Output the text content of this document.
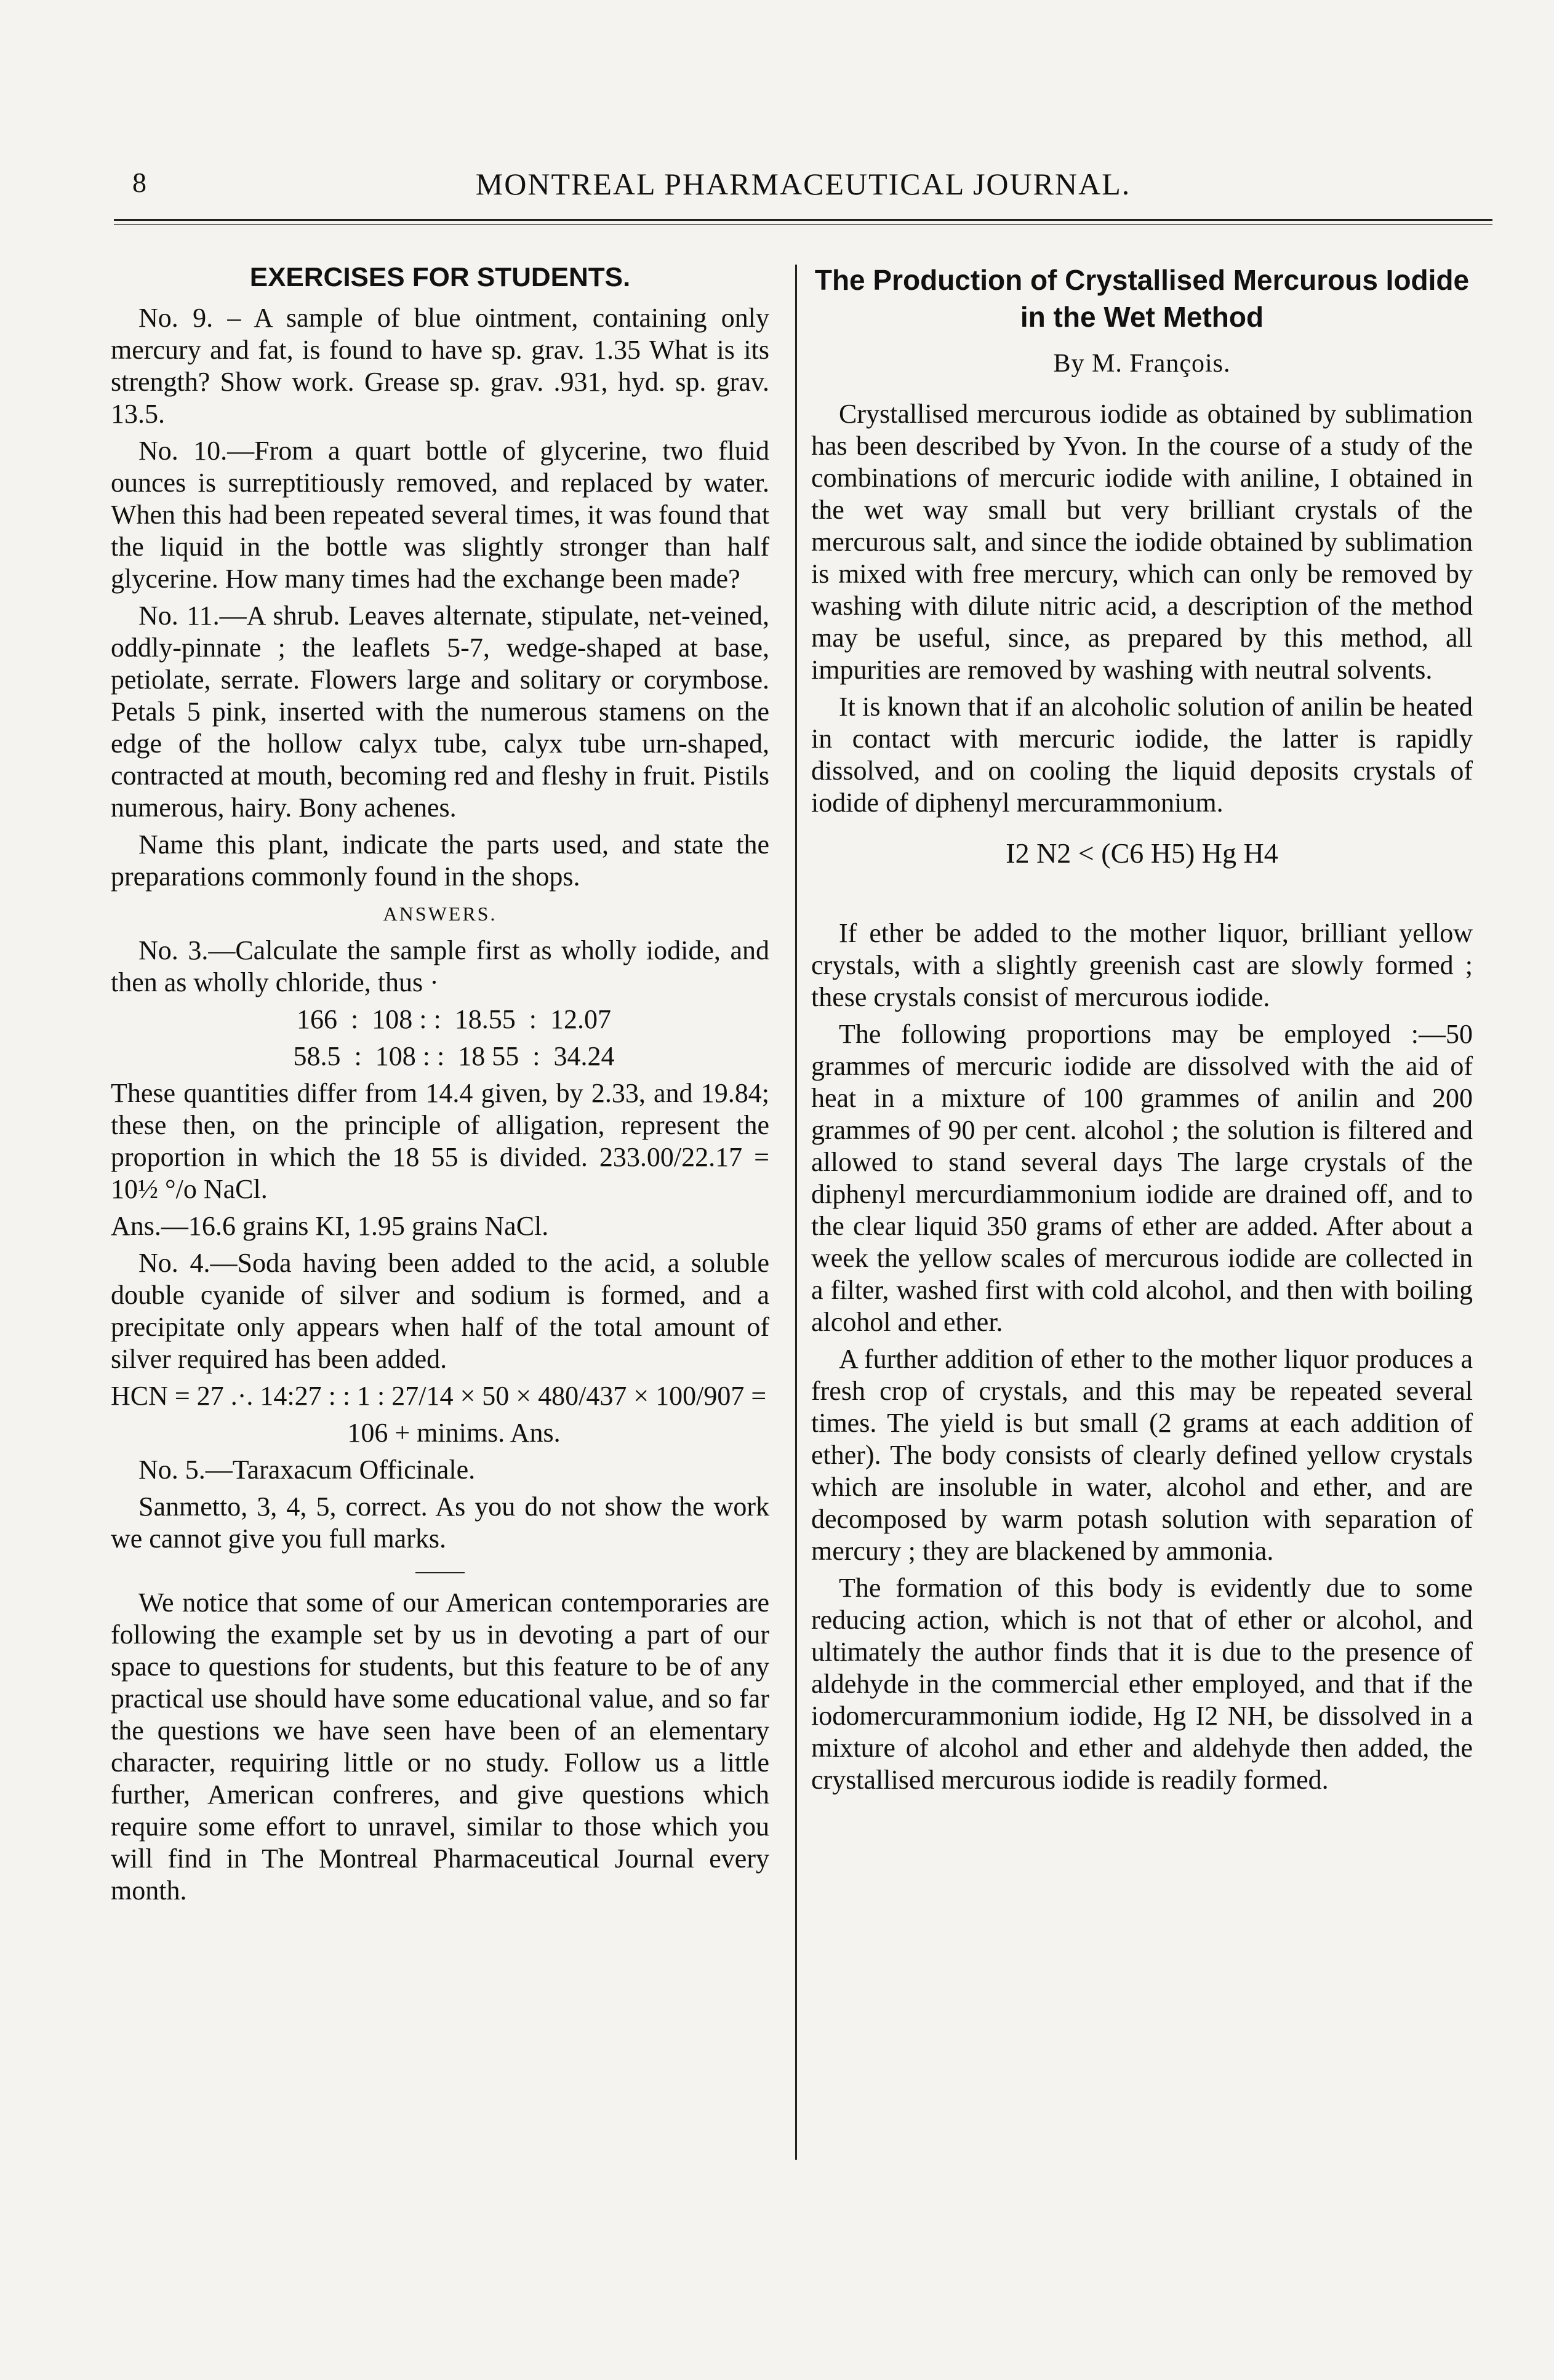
8	MONTREAL PHARMACEUTICAL JOURNAL.
EXERCISES FOR STUDENTS.

No. 9. – A sample of blue ointment, containing only mercury and fat, is found to have sp. grav. 1.35 What is its strength? Show work. Grease sp. grav. .931, hyd. sp. grav. 13.5.

No. 10.—From a quart bottle of glycerine, two fluid ounces is surreptitiously removed, and replaced by water. When this had been repeated several times, it was found that the liquid in the bottle was slightly stronger than half glycerine. How many times had the exchange been made?

No. 11.—A shrub. Leaves alternate, stipulate, net-veined, oddly-pinnate ; the leaflets 5-7, wedge-shaped at base, petiolate, serrate. Flowers large and solitary or corymbose. Petals 5 pink, inserted with the numerous stamens on the edge of the hollow calyx tube, calyx tube urn-shaped, contracted at mouth, becoming red and fleshy in fruit. Pistils numerous, hairy. Bony achenes.

Name this plant, indicate the parts used, and state the preparations commonly found in the shops.

ANSWERS.

No. 3.—Calculate the sample first as wholly iodide, and then as wholly chloride, thus ·

166  :  108 : :  18.55  :  12.07

58.5  :  108 : :  18 55  :  34.24

These quantities differ from 14.4 given, by 2.33, and 19.84; these then, on the principle of alligation, represent the proportion in which the 18 55 is divided. 233.00/22.17 = 10½ °/o NaCl.

Ans.—16.6 grains KI, 1.95 grains NaCl.

No. 4.—Soda having been added to the acid, a soluble double cyanide of silver and sodium is formed, and a precipitate only appears when half of the total amount of silver required has been added.

HCN = 27 .·. 14:27 : : 1 : 27/14 × 50 × 480/437 × 100/907 =

106 + minims. Ans.

No. 5.—Taraxacum Officinale.

Sanmetto, 3, 4, 5, correct. As you do not show the work we cannot give you full marks.

We notice that some of our American contemporaries are following the example set by us in devoting a part of our space to questions for students, but this feature to be of any practical use should have some educational value, and so far the questions we have seen have been of an elementary character, requiring little or no study. Follow us a little further, American confreres, and give questions which require some effort to unravel, similar to those which you will find in The Montreal Pharmaceutical Journal every month.

The Production of Crystallised Mercurous Iodide in the Wet Method
By M. François.

Crystallised mercurous iodide as obtained by sublimation has been described by Yvon. In the course of a study of the combinations of mercuric iodide with aniline, I obtained in the wet way small but very brilliant crystals of the mercurous salt, and since the iodide obtained by sublimation is mixed with free mercury, which can only be removed by washing with dilute nitric acid, a description of the method may be useful, since, as prepared by this method, all impurities are removed by washing with neutral solvents.

It is known that if an alcoholic solution of anilin be heated in contact with mercuric iodide, the latter is rapidly dissolved, and on cooling the liquid deposits crystals of iodide of diphenyl mercurammonium.

I2 N2 < (C6 H5) Hg H4

If ether be added to the mother liquor, brilliant yellow crystals, with a slightly greenish cast are slowly formed ; these crystals consist of mercurous iodide.

The following proportions may be employed :—50 grammes of mercuric iodide are dissolved with the aid of heat in a mixture of 100 grammes of anilin and 200 grammes of 90 per cent. alcohol ; the solution is filtered and allowed to stand several days The large crystals of the diphenyl mercurdiammonium iodide are drained off, and to the clear liquid 350 grams of ether are added. After about a week the yellow scales of mercurous iodide are collected in a filter, washed first with cold alcohol, and then with boiling alcohol and ether.

A further addition of ether to the mother liquor produces a fresh crop of crystals, and this may be repeated several times. The yield is but small (2 grams at each addition of ether). The body consists of clearly defined yellow crystals which are insoluble in water, alcohol and ether, and are decomposed by warm potash solution with separation of mercury ; they are blackened by ammonia.

The formation of this body is evidently due to some reducing action, which is not that of ether or alcohol, and ultimately the author finds that it is due to the presence of aldehyde in the commercial ether employed, and that if the iodomercurammonium iodide, Hg I2 NH, be dissolved in a mixture of alcohol and ether and aldehyde then added, the crystallised mercurous iodide is readily formed.
